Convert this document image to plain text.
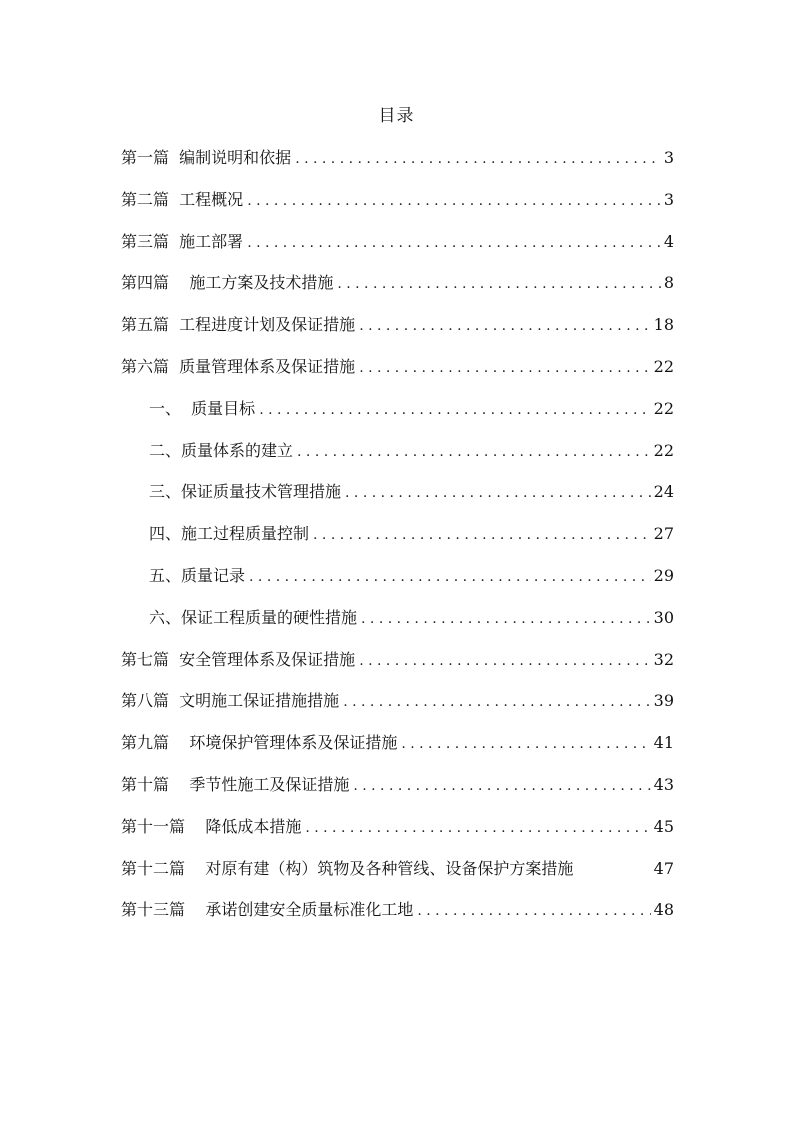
目录
第一篇  编制说明和依据 . . .	3
第二篇  工程概况 . . .	3
第三篇  施工部署 . . .	4
第四篇    施工方案及技术措施 . . .	8
第五篇  工程进度计划及保证措施 . . .	18
第六篇  质量管理体系及保证措施 . . .	22
一、  质量目标 . . .	22
二、质量体系的建立 . . .	22
三、保证质量技术管理措施 . . .	24
四、施工过程质量控制 . . .	27
五、质量记录 . . .	29
六、保证工程质量的硬性措施 . . .	30
第七篇  安全管理体系及保证措施 . . .	32
第八篇  文明施工保证措施措施 . . .	39
第九篇    环境保护管理体系及保证措施 . . .	41
第十篇    季节性施工及保证措施 . . .	43
第十一篇    降低成本措施 . . .	45
第十二篇    对原有建（构）筑物及各种管线、设备保护方案措施	47
第十三篇    承诺创建安全质量标准化工地 . . .	48
